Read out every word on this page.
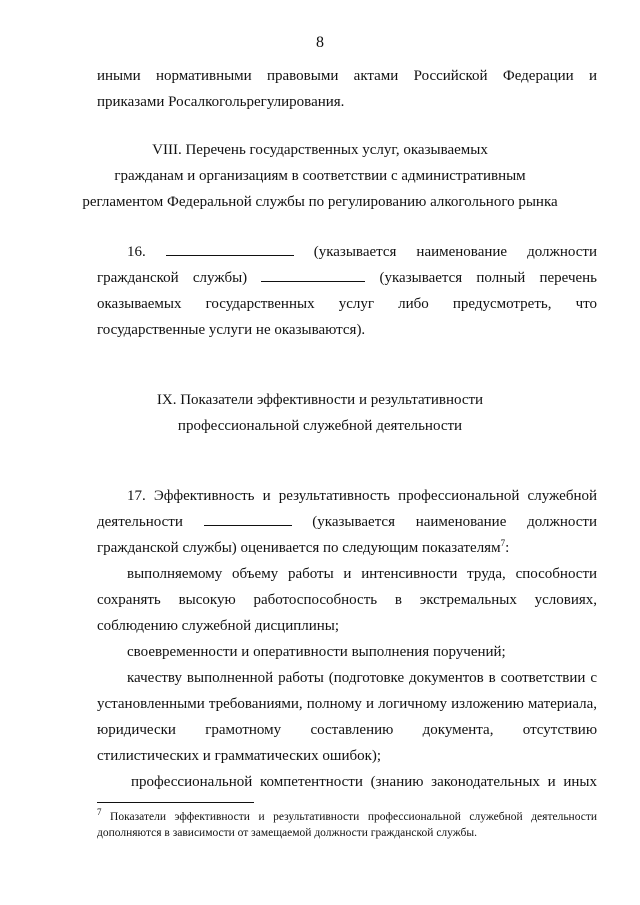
8
иными нормативными правовыми актами Российской Федерации и
приказами Росалкогольрегулирования.
VIII. Перечень государственных услуг, оказываемых
гражданам и организациям в соответствии с административным
регламентом Федеральной службы по регулированию алкогольного рынка
16.	(указывается наименование должности
гражданской службы)	(указывается полный перечень
оказываемых государственных услуг либо предусмотреть, что
государственные услуги не оказываются).
IX. Показатели эффективности и результативности
профессиональной служебной деятельности
17. Эффективность и результативность профессиональной служебной
деятельности	(указывается наименование должности
гражданской службы) оценивается по следующим показателям$^7$:
выполняемому объему работы и интенсивности труда, способности
сохранять высокую работоспособность в экстремальных условиях,
соблюдению служебной дисциплины;
своевременности и оперативности выполнения поручений;
качеству выполненной работы (подготовке документов в соответствии с
установленными требованиями, полному и логичному изложению материала,
юридически грамотному составлению документа, отсутствию
стилистических и грамматических ошибок);
профессиональной компетентности (знанию законодательных и иных
$^7$ Показатели эффективности и результативности профессиональной служебной деятельности
дополняются в зависимости от замещаемой должности гражданской службы.
